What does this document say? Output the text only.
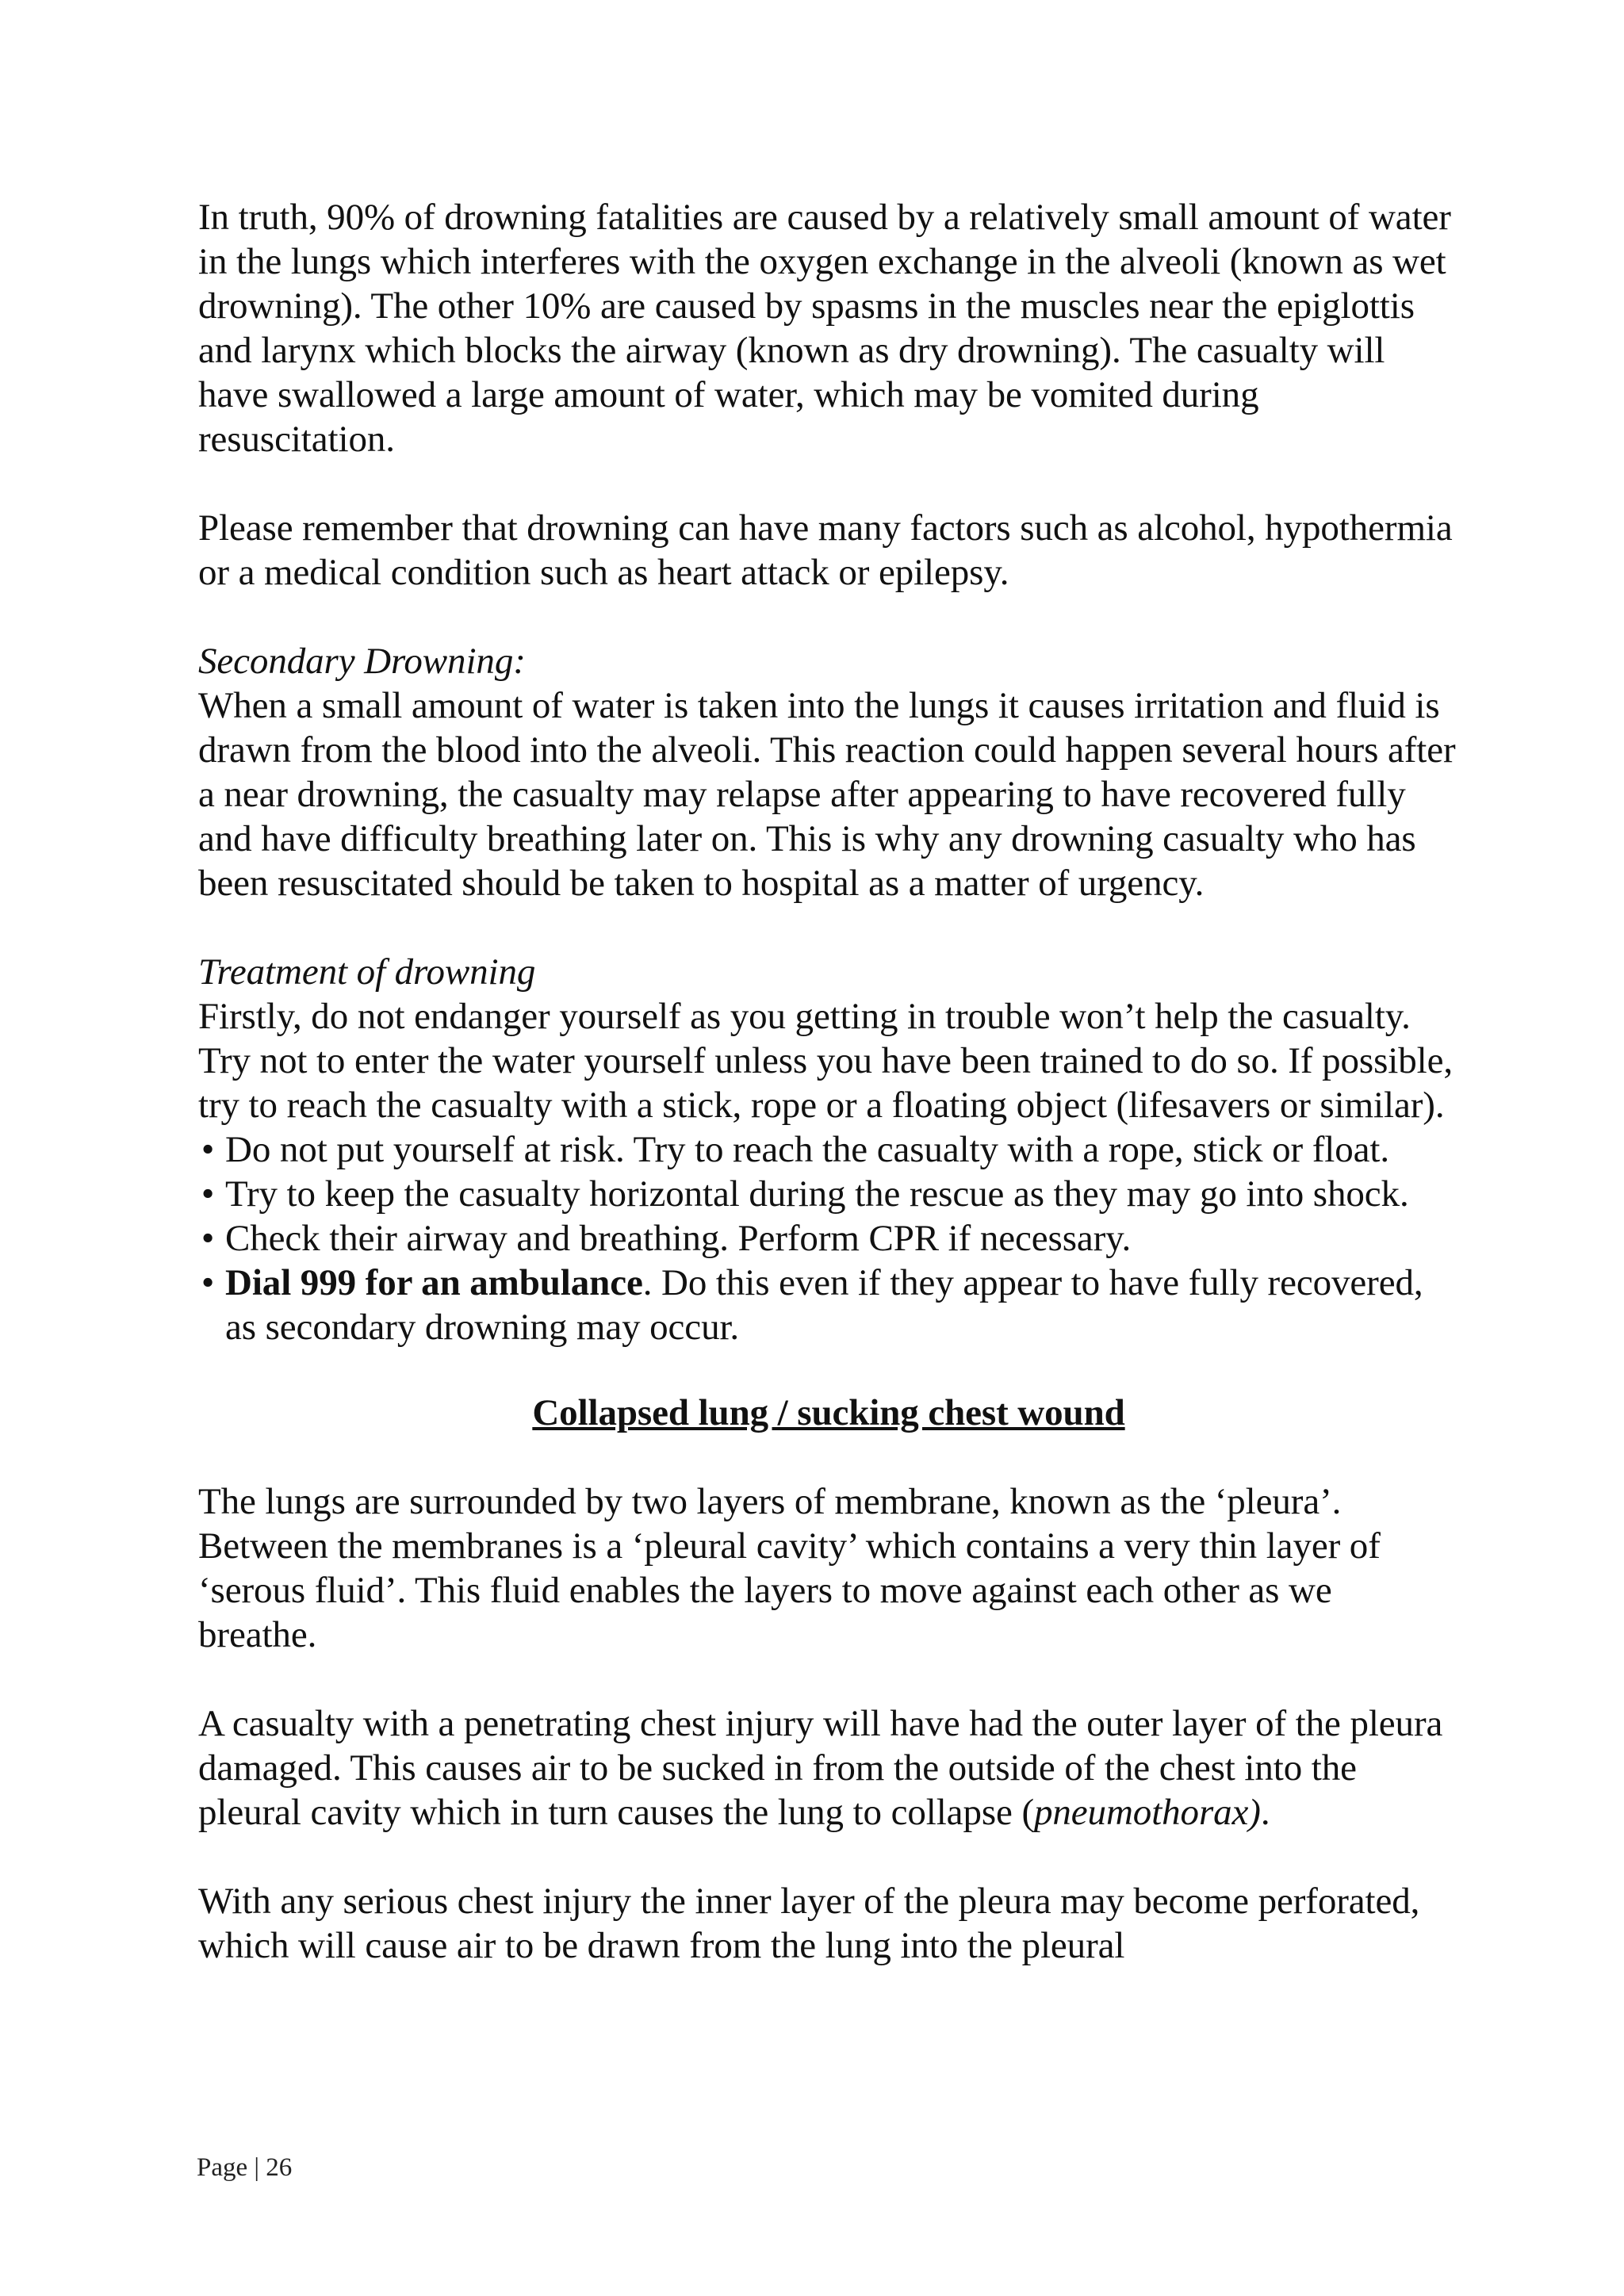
In truth, 90% of drowning fatalities are caused by a relatively small amount of water in the lungs which interferes with the oxygen exchange in the alveoli (known as wet drowning). The other 10% are caused by spasms in the muscles near the epiglottis and larynx which blocks the airway (known as dry drowning). The casualty will have swallowed a large amount of water, which may be vomited during resuscitation.

Please remember that drowning can have many factors such as alcohol, hypothermia or a medical condition such as heart attack or epilepsy.

Secondary Drowning:

When a small amount of water is taken into the lungs it causes irritation and fluid is drawn from the blood into the alveoli. This reaction could happen several hours after a near drowning, the casualty may relapse after appearing to have recovered fully and have difficulty breathing later on. This is why any drowning casualty who has been resuscitated should be taken to hospital as a matter of urgency.

Treatment of drowning

Firstly, do not endanger yourself as you getting in trouble won’t help the casualty. Try not to enter the water yourself unless you have been trained to do so. If possible, try to reach the casualty with a stick, rope or a floating object (lifesavers or similar).

• Do not put yourself at risk. Try to reach the casualty with a rope, stick or float.
• Try to keep the casualty horizontal during the rescue as they may go into shock.
• Check their airway and breathing. Perform CPR if necessary.
• Dial 999 for an ambulance. Do this even if they appear to have fully recovered, as secondary drowning may occur.

Collapsed lung / sucking chest wound

The lungs are surrounded by two layers of membrane, known as the ‘pleura’. Between the membranes is a ‘pleural cavity’ which contains a very thin layer of ‘serous fluid’. This fluid enables the layers to move against each other as we breathe.

A casualty with a penetrating chest injury will have had the outer layer of the pleura damaged. This causes air to be sucked in from the outside of the chest into the pleural cavity which in turn causes the lung to collapse (pneumothorax).

With any serious chest injury the inner layer of the pleura may become perforated, which will cause air to be drawn from the lung into the pleural

Page | 26
